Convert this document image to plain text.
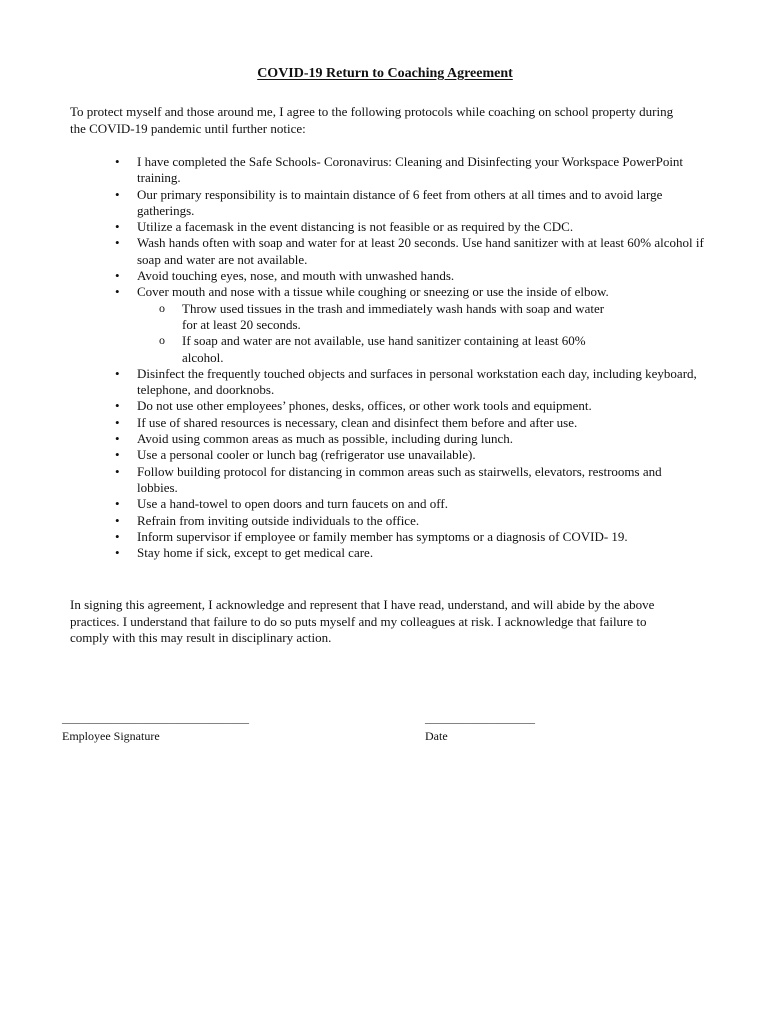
COVID-19 Return to Coaching Agreement

To protect myself and those around me, I agree to the following protocols while coaching on school property during the COVID-19 pandemic until further notice:

• I have completed the Safe Schools- Coronavirus: Cleaning and Disinfecting your Workspace PowerPoint training.
• Our primary responsibility is to maintain distance of 6 feet from others at all times and to avoid large gatherings.
• Utilize a facemask in the event distancing is not feasible or as required by the CDC.
• Wash hands often with soap and water for at least 20 seconds. Use hand sanitizer with at least 60% alcohol if soap and water are not available.
• Avoid touching eyes, nose, and mouth with unwashed hands.
• Cover mouth and nose with a tissue while coughing or sneezing or use the inside of elbow.
o Throw used tissues in the trash and immediately wash hands with soap and water for at least 20 seconds.
o If soap and water are not available, use hand sanitizer containing at least 60% alcohol.
• Disinfect the frequently touched objects and surfaces in personal workstation each day, including keyboard, telephone, and doorknobs.
• Do not use other employees’ phones, desks, offices, or other work tools and equipment.
• If use of shared resources is necessary, clean and disinfect them before and after use.
• Avoid using common areas as much as possible, including during lunch.
• Use a personal cooler or lunch bag (refrigerator use unavailable).
• Follow building protocol for distancing in common areas such as stairwells, elevators, restrooms and lobbies.
• Use a hand-towel to open doors and turn faucets on and off.
• Refrain from inviting outside individuals to the office.
• Inform supervisor if employee or family member has symptoms or a diagnosis of COVID- 19.
• Stay home if sick, except to get medical care.

In signing this agreement, I acknowledge and represent that I have read, understand, and will abide by the above practices. I understand that failure to do so puts myself and my colleagues at risk. I acknowledge that failure to comply with this may result in disciplinary action.

__________________________________
Employee Signature
____________________
Date
